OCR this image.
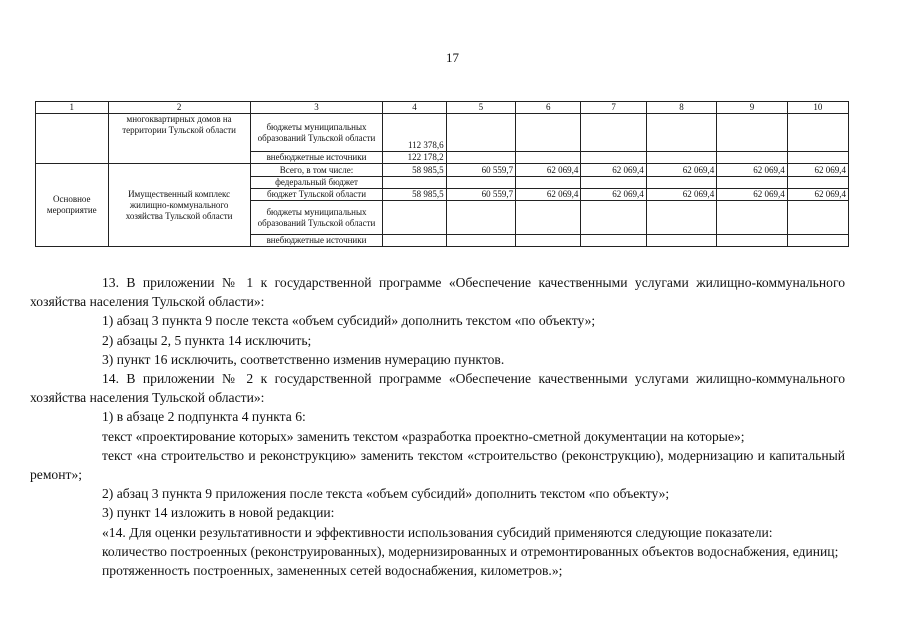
17
1	2	3	4	5	6	7	8	9	10
	многоквартирных домов на территории Тульской области	бюджеты муниципальных образований Тульской области	112 378,6						
		внебюджетные источники	122 178,2						
Основное мероприятие	Имущественный комплекс жилищно-коммунального хозяйства Тульской области	Всего, в том числе:	58 985,5	60 559,7	62 069,4	62 069,4	62 069,4	62 069,4	62 069,4
		федеральный бюджет							
		бюджет Тульской области	58 985,5	60 559,7	62 069,4	62 069,4	62 069,4	62 069,4	62 069,4
		бюджеты муниципальных образований Тульской области							
		внебюджетные источники							

13. В приложении № 1 к государственной программе «Обеспечение качественными услугами жилищно-коммунального хозяйства населения Тульской области»:

1) абзац 3 пункта 9 после текста «объем субсидий» дополнить текстом «по объекту»;

2) абзацы 2, 5 пункта 14 исключить;

3) пункт 16 исключить, соответственно изменив нумерацию пунктов.

14. В приложении № 2 к государственной программе «Обеспечение качественными услугами жилищно-коммунального хозяйства населения Тульской области»:

1) в абзаце 2 подпункта 4 пункта 6:

текст «проектирование которых» заменить текстом «разработка проектно-сметной документации на которые»;

текст «на строительство и реконструкцию» заменить текстом «строительство (реконструкцию), модернизацию и капитальный ремонт»;

2) абзац 3 пункта 9 приложения после текста «объем субсидий» дополнить текстом «по объекту»;

3) пункт 14 изложить в новой редакции:

«14. Для оценки результативности и эффективности использования субсидий применяются следующие показатели:

количество построенных (реконструированных), модернизированных и отремонтированных объектов водоснабжения, единиц;

протяженность построенных, замененных сетей водоснабжения, километров.»;
